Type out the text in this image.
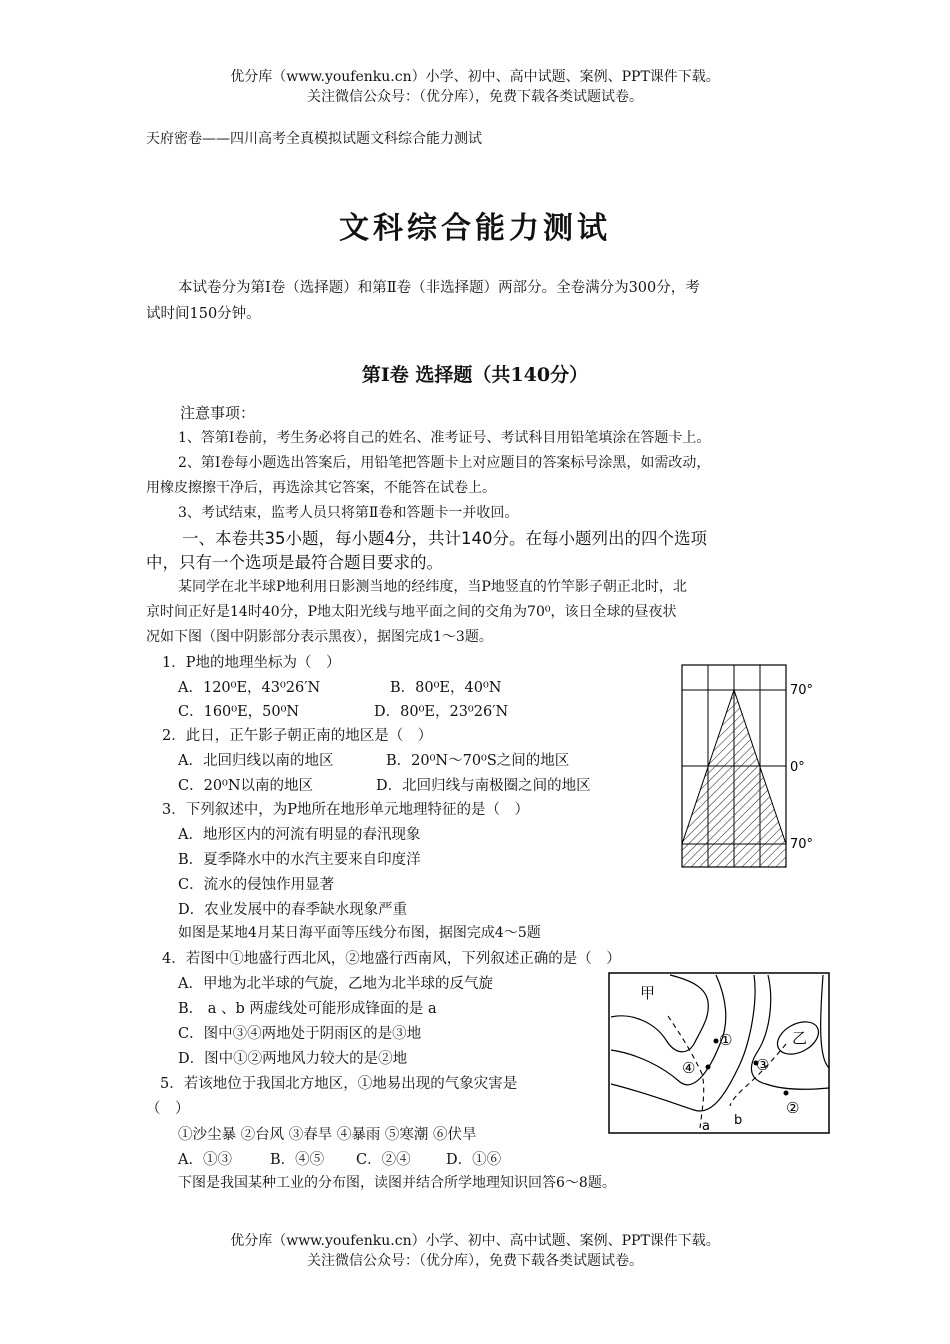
优分库（www.youfenku.cn）小学、初中、高中试题、案例、PPT课件下载。
关注微信公众号：（优分库），免费下载各类试题试卷。
天府密卷——四川高考全真模拟试题文科综合能力测试
文科综合能力测试
本试卷分为第Ⅰ卷（选择题）和第Ⅱ卷（非选择题）两部分。全卷满分为300分，考
试时间150分钟。
第Ⅰ卷 选择题（共140分）
注意事项：
1、答第Ⅰ卷前，考生务必将自己的姓名、准考证号、考试科目用铅笔填涂在答题卡上。
2、第Ⅰ卷每小题选出答案后，用铅笔把答题卡上对应题目的答案标号涂黑，如需改动，
用橡皮擦擦干净后，再选涂其它答案，不能答在试卷上。
3、考试结束，监考人员只将第Ⅱ卷和答题卡一并收回。
一、本卷共35小题，每小题4分，共计140分。在每小题列出的四个选项
中，只有一个选项是最符合题目要求的。
某同学在北半球P地利用日影测当地的经纬度，当P地竖直的竹竿影子朝正北时，北
京时间正好是14时40分，P地太阳光线与地平面之间的交角为70⁰，该日全球的昼夜状
况如下图（图中阴影部分表示黑夜），据图完成1～3题。
1．P地的地理坐标为（　）
A．120⁰E，43⁰26′N	B．80⁰E，40⁰N
C．160⁰E，50⁰N	D．80⁰E，23⁰26′N
2．此日，正午影子朝正南的地区是（　）
A．北回归线以南的地区	B．20⁰N～70⁰S之间的地区
C．20⁰N以南的地区	D．北回归线与南极圈之间的地区
3．下列叙述中，为P地所在地形单元地理特征的是（　）
A．地形区内的河流有明显的春汛现象
B．夏季降水中的水汽主要来自印度洋
C．流水的侵蚀作用显著
D．农业发展中的春季缺水现象严重
70°
0°
70°
如图是某地4月某日海平面等压线分布图，据图完成4～5题
4．若图中①地盛行西北风，②地盛行西南风，下列叙述正确的是（　）
A．甲地为北半球的气旋，乙地为北半球的反气旋
B． a 、b 两虚线处可能形成锋面的是 a
C．图中③④两地处于阴雨区的是③地
D．图中①②两地风力较大的是②地
5．若该地位于我国北方地区，①地易出现的气象灾害是
（　）
①沙尘暴 ②台风 ③春旱 ④暴雨 ⑤寒潮 ⑥伏旱
A．①③	B．④⑤ C．②④ D．①⑥
甲
乙
①
②
③
④
a b
下图是我国某种工业的分布图，读图并结合所学地理知识回答6～8题。
优分库（www.youfenku.cn）小学、初中、高中试题、案例、PPT课件下载。
关注微信公众号：（优分库），免费下载各类试题试卷。
